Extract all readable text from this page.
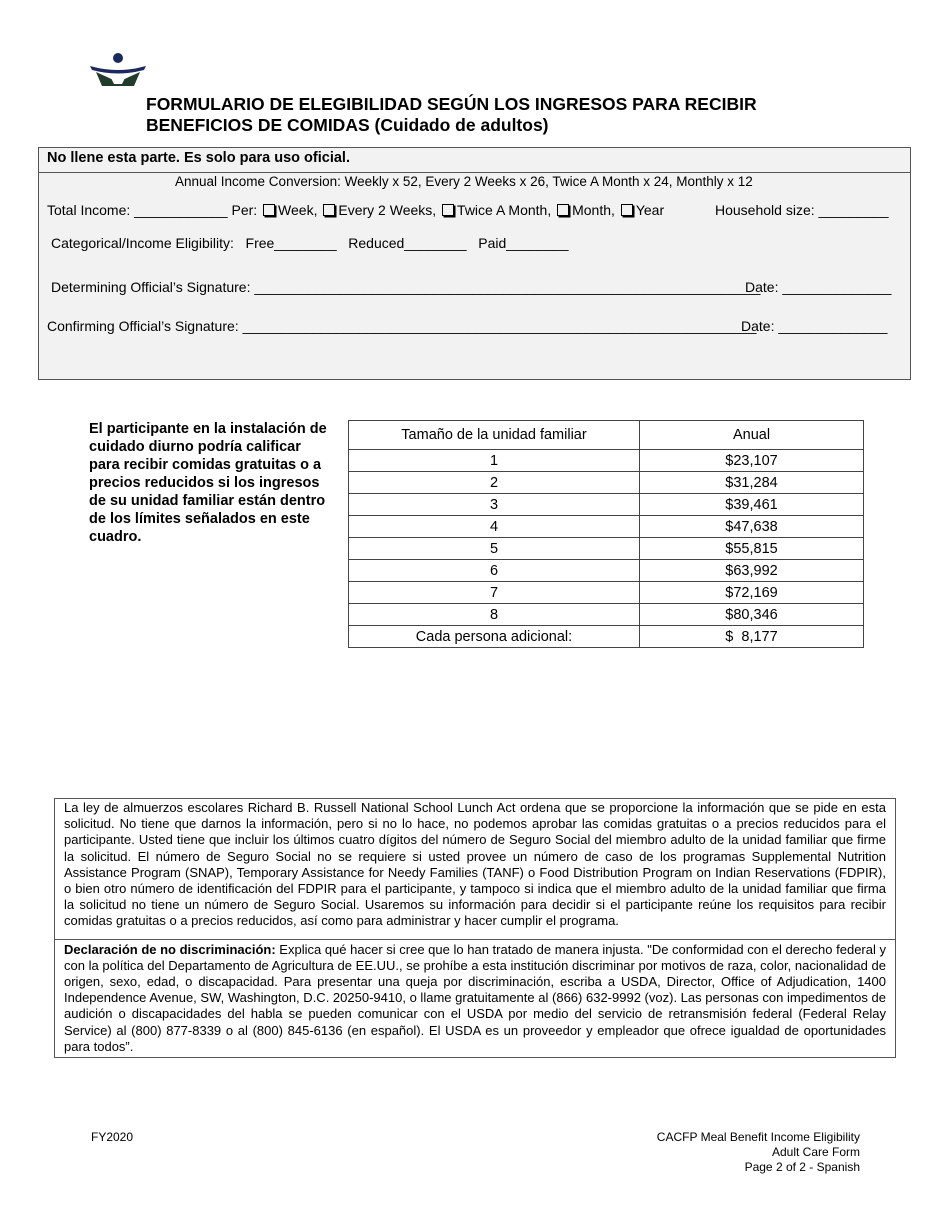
FORMULARIO DE ELEGIBILIDAD SEGÚN LOS INGRESOS PARA RECIBIR BENEFICIOS DE COMIDAS (Cuidado de adultos)
No llene esta parte. Es solo para uso oficial.
Annual Income Conversion: Weekly x 52, Every 2 Weeks x 26, Twice A Month x 24, Monthly x 12
Total Income: ____________ Per: Week, Every 2 Weeks, Twice A Month, Month, Year	Household size: _________
Categorical/Income Eligibility:   Free________   Reduced________   Paid________
Determining Official’s Signature: _________________________________________________________________
Date: ______________
Confirming Official’s Signature: __________________________________________________________________
Date: ______________
El participante en la instalación de cuidado diurno podría calificar para recibir comidas gratuitas o a precios reducidos si los ingresos de su unidad familiar están dentro de los límites señalados en este cuadro.
Tamaño de la unidad familiar	Anual
1	$23,107
2	$31,284
3	$39,461
4	$47,638
5	$55,815
6	$63,992
7	$72,169
8	$80,346
Cada persona adicional:	$  8,177
La ley de almuerzos escolares Richard B. Russell National School Lunch Act ordena que se proporcione la información que se pide en esta solicitud. No tiene que darnos la información, pero si no lo hace, no podemos aprobar las comidas gratuitas o a precios reducidos para el participante. Usted tiene que incluir los últimos cuatro dígitos del número de Seguro Social del miembro adulto de la unidad familiar que firme la solicitud. El número de Seguro Social no se requiere si usted provee un número de caso de los programas Supplemental Nutrition Assistance Program (SNAP), Temporary Assistance for Needy Families (TANF) o Food Distribution Program on Indian Reservations (FDPIR), o bien otro número de identificación del FDPIR para el participante, y tampoco si indica que el miembro adulto de la unidad familiar que firma la solicitud no tiene un número de Seguro Social. Usaremos su información para decidir si el participante reúne los requisitos para recibir comidas gratuitas o a precios reducidos, así como para administrar y hacer cumplir el programa.
Declaración de no discriminación: Explica qué hacer si cree que lo han tratado de manera injusta. "De conformidad con el derecho federal y con la política del Departamento de Agricultura de EE.UU., se prohíbe a esta institución discriminar por motivos de raza, color, nacionalidad de origen, sexo, edad, o discapacidad. Para presentar una queja por discriminación, escriba a USDA, Director, Office of Adjudication, 1400 Independence Avenue, SW, Washington, D.C. 20250-9410, o llame gratuitamente al (866) 632-9992 (voz). Las personas con impedimentos de audición o discapacidades del habla se pueden comunicar con el USDA por medio del servicio de retransmisión federal (Federal Relay Service) al (800) 877-8339 o al (800) 845-6136 (en español). El USDA es un proveedor y empleador que ofrece igualdad de oportunidades para todos”.
FY2020	CACFP Meal Benefit Income Eligibility
Adult Care Form
Page 2 of 2 - Spanish
